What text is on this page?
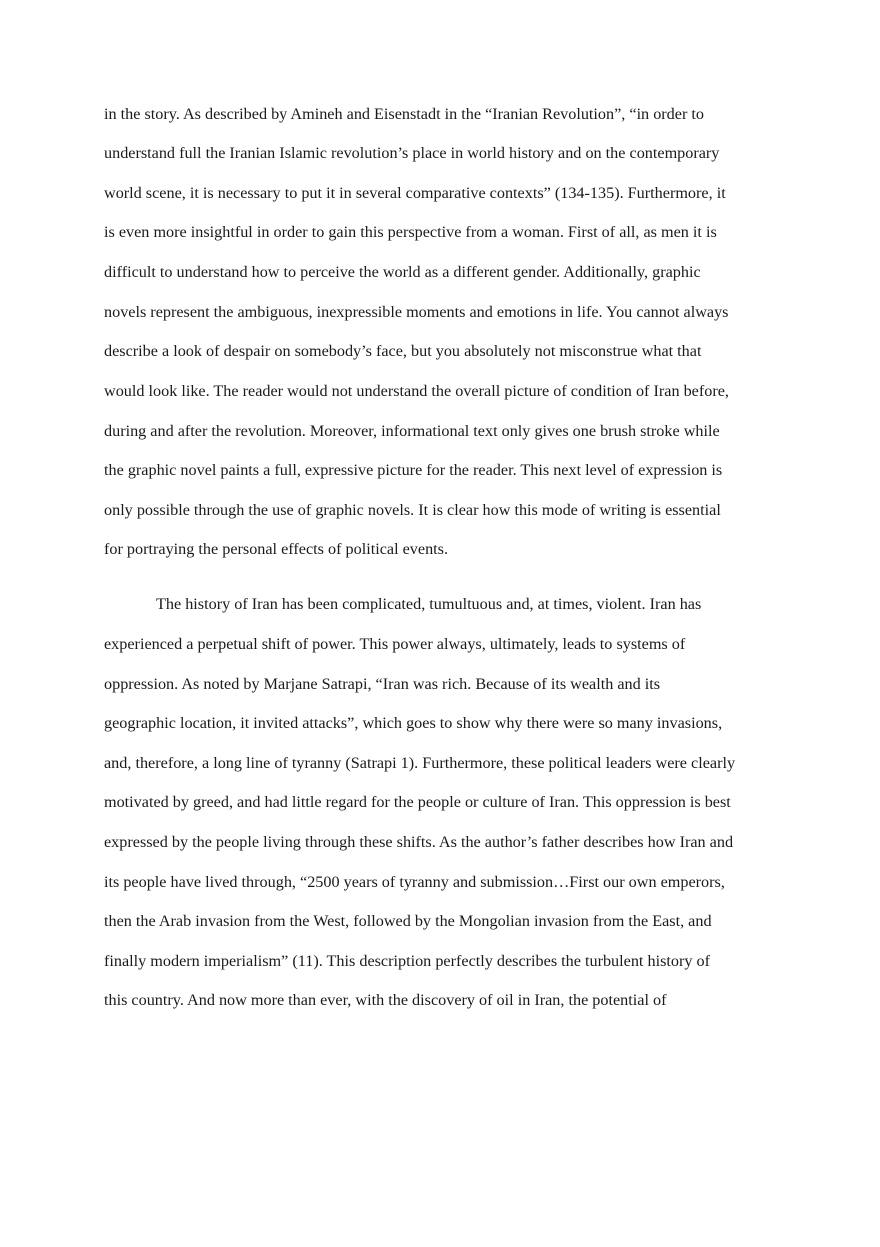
in the story. As described by Amineh and Eisenstadt in the “Iranian Revolution”, “in order to
understand full the Iranian Islamic revolution’s place in world history and on the contemporary
world scene, it is necessary to put it in several comparative contexts” (134-135). Furthermore, it
is even more insightful in order to gain this perspective from a woman. First of all, as men it is
difficult to understand how to perceive the world as a different gender. Additionally, graphic
novels represent the ambiguous, inexpressible moments and emotions in life. You cannot always
describe a look of despair on somebody’s face, but you absolutely not misconstrue what that
would look like. The reader would not understand the overall picture of condition of Iran before,
during and after the revolution. Moreover, informational text only gives one brush stroke while
the graphic novel paints a full, expressive picture for the reader. This next level of expression is
only possible through the use of graphic novels. It is clear how this mode of writing is essential
for portraying the personal effects of political events.
The history of Iran has been complicated, tumultuous and, at times, violent. Iran has
experienced a perpetual shift of power. This power always, ultimately, leads to systems of
oppression. As noted by Marjane Satrapi, “Iran was rich. Because of its wealth and its
geographic location, it invited attacks”, which goes to show why there were so many invasions,
and, therefore, a long line of tyranny (Satrapi 1). Furthermore, these political leaders were clearly
motivated by greed, and had little regard for the people or culture of Iran. This oppression is best
expressed by the people living through these shifts. As the author’s father describes how Iran and
its people have lived through, “2500 years of tyranny and submission…First our own emperors,
then the Arab invasion from the West, followed by the Mongolian invasion from the East, and
finally modern imperialism” (11). This description perfectly describes the turbulent history of
this country. And now more than ever, with the discovery of oil in Iran, the potential of
